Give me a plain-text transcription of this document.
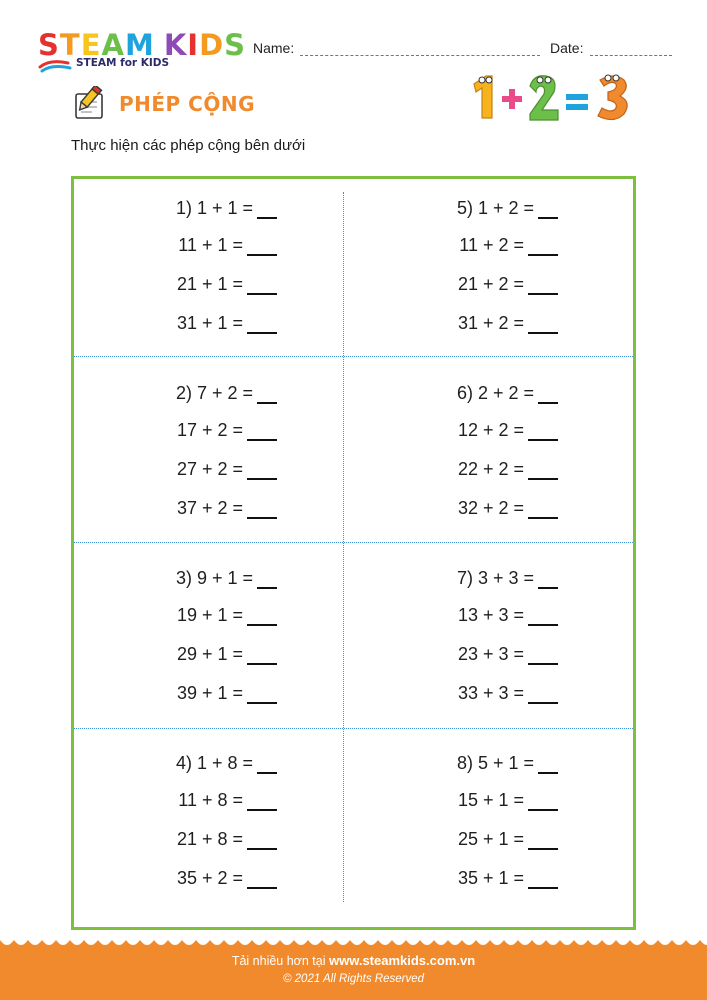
STEAM KIDS
STEAM for KIDS
Name:	Date:
PHÉP CỘNG
Thực hiện các phép cộng bên dưới
1) 1 + 1 =
11 + 1 =
21 + 1 =
31 + 1 =
5) 1 + 2 =
11 + 2 =
21 + 2 =
31 + 2 =
2) 7 + 2 =
17 + 2 =
27 + 2 =
37 + 2 =
6) 2 + 2 =
12 + 2 =
22 + 2 =
32 + 2 =
3) 9 + 1 =
19 + 1 =
29 + 1 =
39 + 1 =
7) 3 + 3 =
13 + 3 =
23 + 3 =
33 + 3 =
4) 1 + 8 =
11 + 8 =
21 + 8 =
35 + 2 =
8) 5 + 1 =
15 + 1 =
25 + 1 =
35 + 1 =
Tải nhiều hơn tại www.steamkids.com.vn
© 2021 All Rights Reserved
